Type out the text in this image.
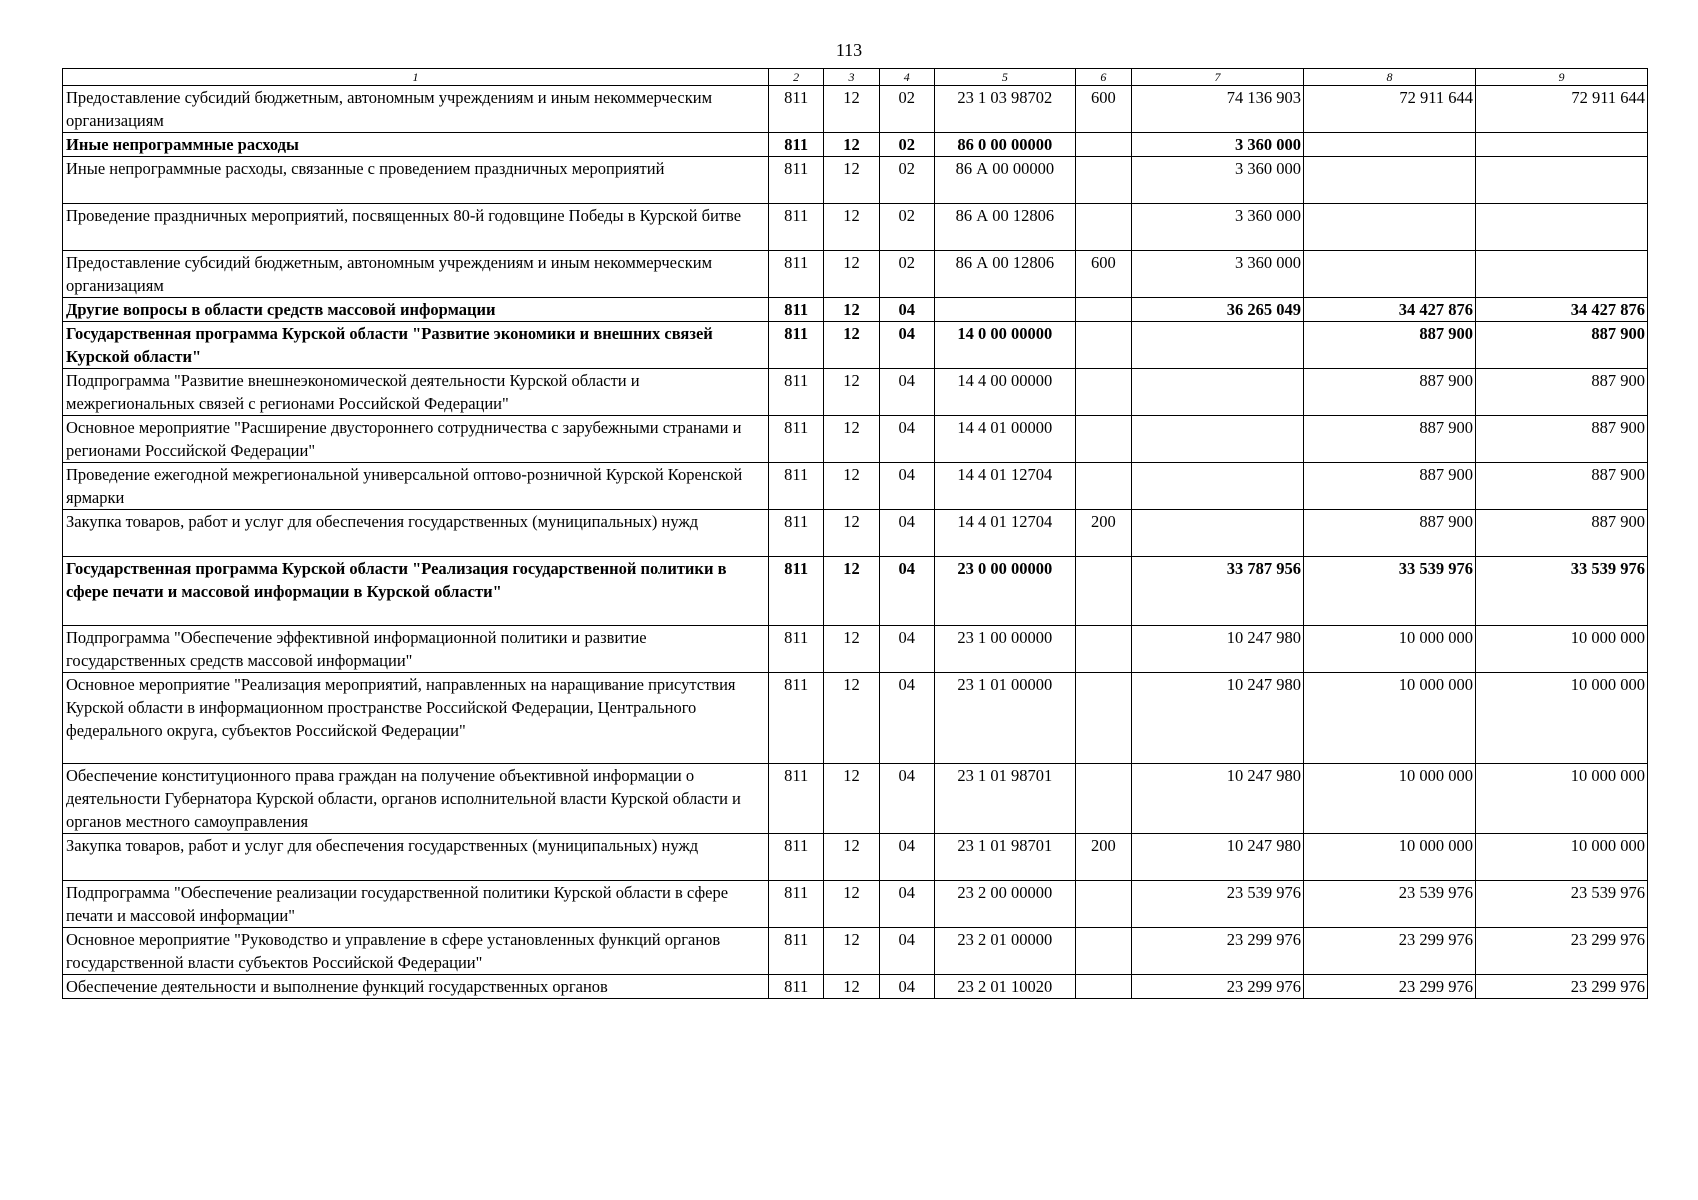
113
1	2	3	4	5	6	7	8	9
Предоставление субсидий бюджетным, автономным учреждениям и иным некоммерческим организациям	811	12	02	23 1 03 98702	600	74 136 903	72 911 644	72 911 644
Иные непрограммные расходы	811	12	02	86 0 00 00000		3 360 000		
Иные непрограммные расходы, связанные с проведением праздничных мероприятий	811	12	02	86 А 00 00000		3 360 000		
Проведение праздничных мероприятий, посвященных 80-й годовщине Победы в Курской битве	811	12	02	86 А 00 12806		3 360 000		
Предоставление субсидий бюджетным, автономным учреждениям и иным некоммерческим организациям	811	12	02	86 А 00 12806	600	3 360 000		
Другие вопросы в области средств массовой информации	811	12	04			36 265 049	34 427 876	34 427 876
Государственная программа Курской области "Развитие экономики и внешних связей Курской области"	811	12	04	14 0 00 00000			887 900	887 900
Подпрограмма "Развитие внешнеэкономической деятельности Курской области и межрегиональных связей с регионами Российской Федерации"	811	12	04	14 4 00 00000			887 900	887 900
Основное мероприятие "Расширение двустороннего сотрудничества с зарубежными странами и регионами Российской Федерации"	811	12	04	14 4 01 00000			887 900	887 900
Проведение ежегодной межрегиональной универсальной оптово-розничной Курской Коренской ярмарки	811	12	04	14 4 01 12704			887 900	887 900
Закупка товаров, работ и услуг для обеспечения государственных (муниципальных) нужд	811	12	04	14 4 01 12704	200		887 900	887 900
Государственная программа Курской области "Реализация государственной политики в сфере печати и массовой информации в Курской области"	811	12	04	23 0 00 00000		33 787 956	33 539 976	33 539 976
Подпрограмма "Обеспечение эффективной информационной политики и развитие государственных средств массовой информации"	811	12	04	23 1 00 00000		10 247 980	10 000 000	10 000 000
Основное мероприятие "Реализация мероприятий, направленных на наращивание присутствия Курской области в информационном пространстве Российской Федерации, Центрального федерального округа, субъектов Российской Федерации"	811	12	04	23 1 01 00000		10 247 980	10 000 000	10 000 000
Обеспечение конституционного права граждан на получение объективной информации о деятельности Губернатора Курской области, органов исполнительной власти Курской области и органов местного самоуправления	811	12	04	23 1 01 98701		10 247 980	10 000 000	10 000 000
Закупка товаров, работ и услуг для обеспечения государственных (муниципальных) нужд	811	12	04	23 1 01 98701	200	10 247 980	10 000 000	10 000 000
Подпрограмма "Обеспечение реализации государственной политики Курской области в сфере печати и массовой информации"	811	12	04	23 2 00 00000		23 539 976	23 539 976	23 539 976
Основное мероприятие "Руководство и управление в сфере установленных функций органов государственной власти субъектов Российской Федерации"	811	12	04	23 2 01 00000		23 299 976	23 299 976	23 299 976
Обеспечение деятельности и выполнение функций государственных органов	811	12	04	23 2 01 10020		23 299 976	23 299 976	23 299 976
